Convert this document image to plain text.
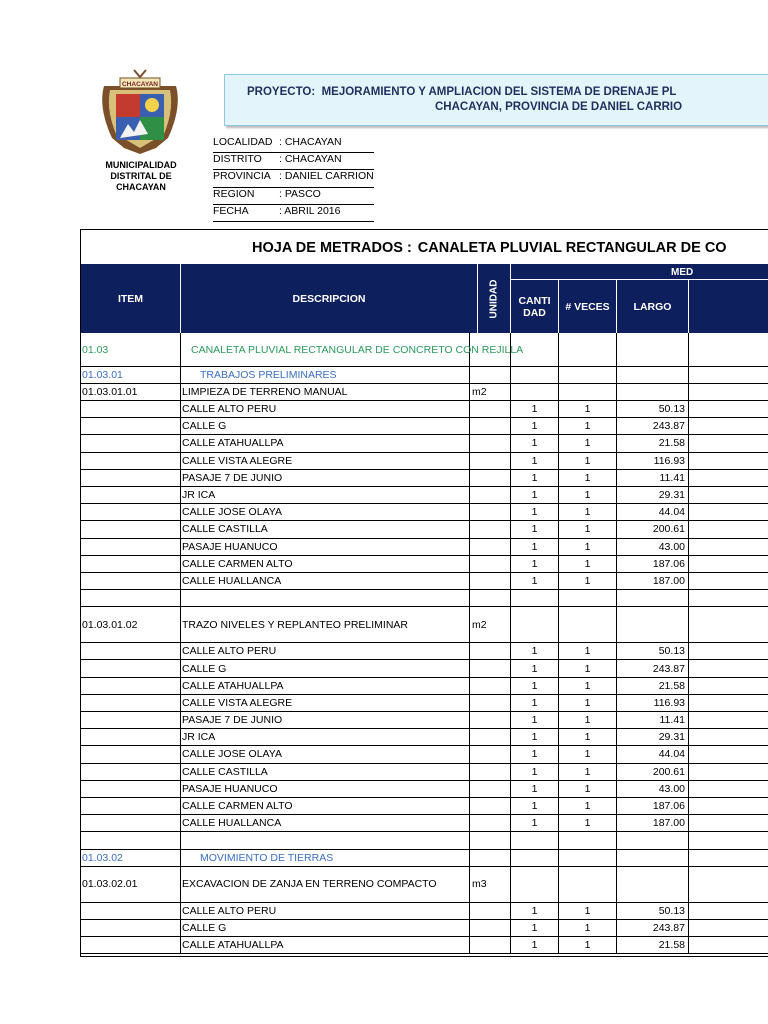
CHACAYAN
MUNICIPALIDAD
DISTRITAL DE
CHACAYAN
PROYECTO: MEJORAMIENTO Y AMPLIACION DEL SISTEMA DE DRENAJE PL
CHACAYAN, PROVINCIA DE DANIEL CARRIO
LOCALIDAD : CHACAYAN
DISTRITO	: CHACAYAN
PROVINCIA : DANIEL CARRION
REGION	: PASCO
FECHA	: ABRIL 2016
HOJA DE METRADOS : CANALETA PLUVIAL RECTANGULAR DE CO
ITEM	DESCRIPCION	UNIDAD
MED
CANTI DAD	# VECES	LARGO
01.03	CANALETA PLUVIAL RECTANGULAR DE CONCRETO CON REJILLA
01.03.01	TRABAJOS PRELIMINARES
01.03.01.01	LIMPIEZA DE TERRENO MANUAL	m2
CALLE ALTO PERU	1	1	50.13
CALLE G	1	1	243.87
CALLE ATAHUALLPA	1	1	21.58
CALLE VISTA ALEGRE	1	1	116.93
PASAJE 7 DE JUNIO	1	1	11.41
JR ICA	1	1	29.31
CALLE JOSE OLAYA	1	1	44.04
CALLE CASTILLA	1	1	200.61
PASAJE HUANUCO	1	1	43.00
CALLE CARMEN ALTO	1	1	187.06
CALLE HUALLANCA	1	1	187.00
01.03.01.02	TRAZO NIVELES Y REPLANTEO PRELIMINAR	m2
CALLE ALTO PERU	1	1	50.13
CALLE G	1	1	243.87
CALLE ATAHUALLPA	1	1	21.58
CALLE VISTA ALEGRE	1	1	116.93
PASAJE 7 DE JUNIO	1	1	11.41
JR ICA	1	1	29.31
CALLE JOSE OLAYA	1	1	44.04
CALLE CASTILLA	1	1	200.61
PASAJE HUANUCO	1	1	43.00
CALLE CARMEN ALTO	1	1	187.06
CALLE HUALLANCA	1	1	187.00
01.03.02	MOVIMIENTO DE TIERRAS
01.03.02.01	EXCAVACION DE ZANJA EN TERRENO COMPACTO	m3
CALLE ALTO PERU	1	1	50.13
CALLE G	1	1	243.87
CALLE ATAHUALLPA	1	1	21.58
